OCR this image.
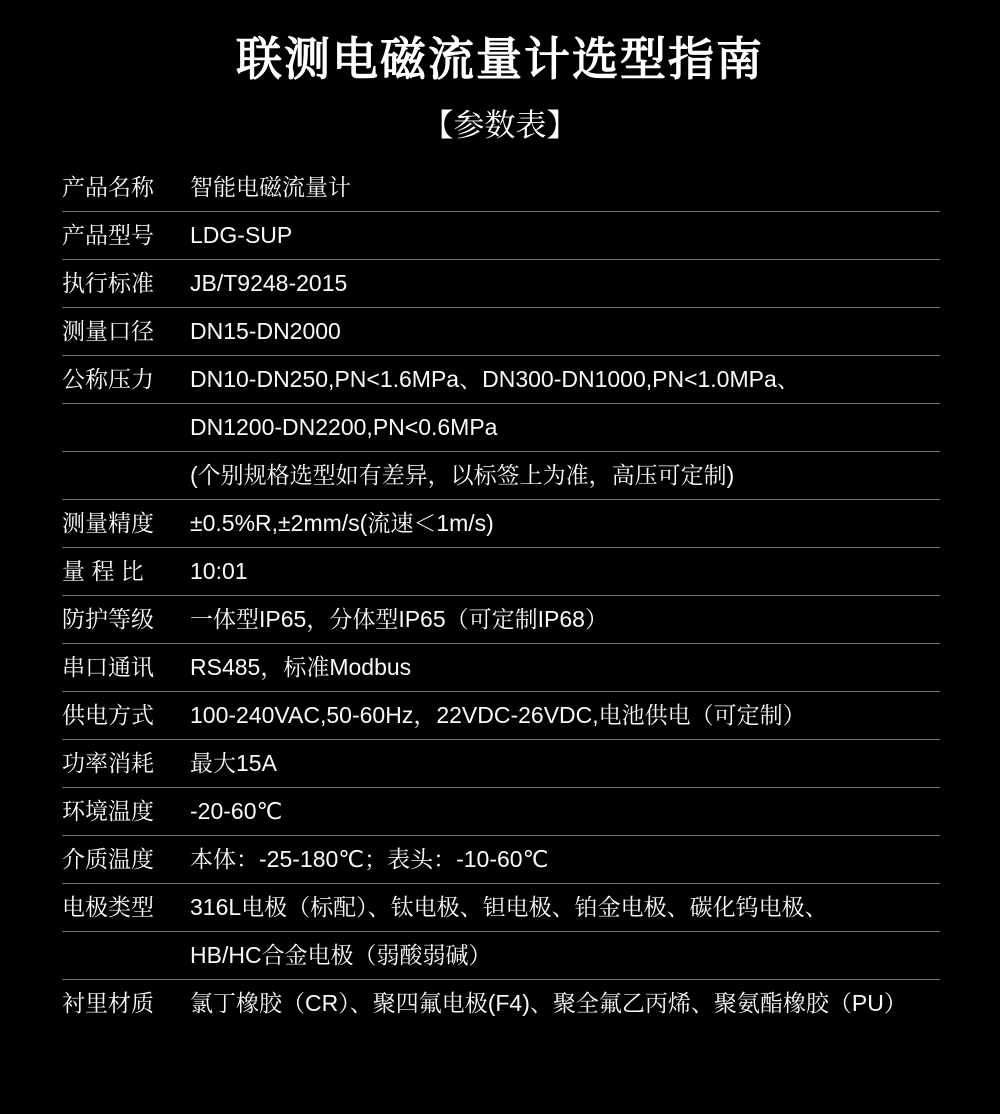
联测电磁流量计选型指南
【参数表】
产品名称	智能电磁流量计
产品型号	LDG-SUP
执行标准	JB/T9248-2015
测量口径	DN15-DN2000
公称压力	DN10-DN250,PN<1.6MPa、DN300-DN1000,PN<1.0MPa、
DN1200-DN2200,PN<0.6MPa
(个别规格选型如有差异，以标签上为准，高压可定制)
测量精度	±0.5%R,±2mm/s(流速＜1m/s)
量 程 比	10:01
防护等级	一体型IP65，分体型IP65（可定制IP68）
串口通讯	RS485，标准Modbus
供电方式	100-240VAC,50-60Hz，22VDC-26VDC,电池供电（可定制）
功率消耗	最大15A
环境温度	-20-60℃
介质温度	本体：-25-180℃；表头：-10-60℃
电极类型	316L电极（标配）、钛电极、钽电极、铂金电极、碳化钨电极、
HB/HC合金电极（弱酸弱碱）
衬里材质	氯丁橡胶（CR）、聚四氟电极(F4)、聚全氟乙丙烯、聚氨酯橡胶（PU）
